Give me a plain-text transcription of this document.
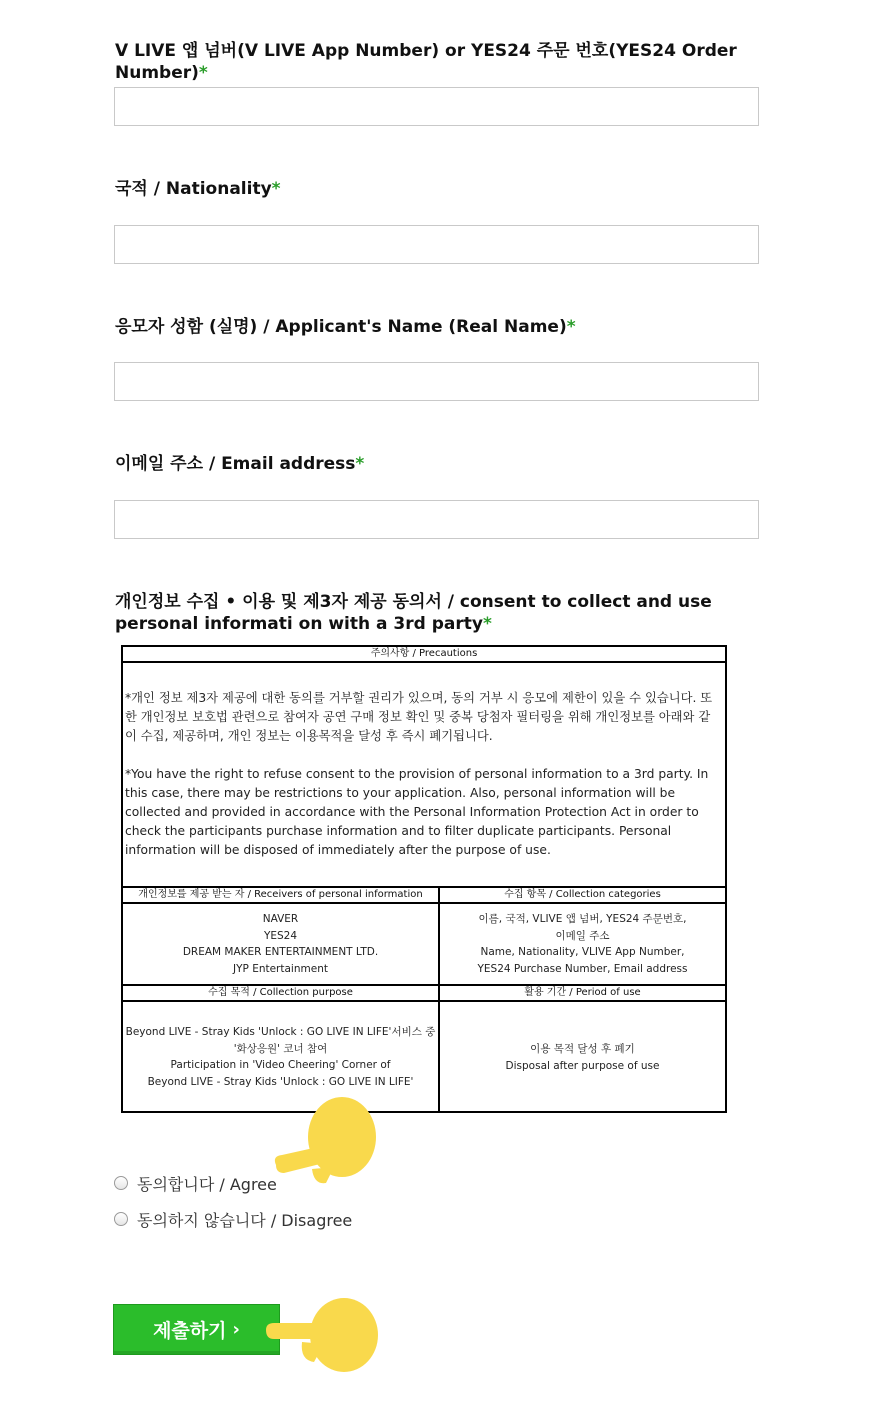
V LIVE 앱 넘버(V LIVE App Number) or YES24 주문 번호(YES24 Order Number)*
국적 / Nationality*
응모자 성함 (실명) / Applicant's Name (Real Name)*
이메일 주소 / Email address*
개인정보 수집 • 이용 및 제3자 제공 동의서 / consent to collect and use personal informati on with a 3rd party*
주의사항 / Precautions
*개인 정보 제3자 제공에 대한 동의를 거부할 권리가 있으며, 동의 거부 시 응모에 제한이 있을 수 있습니다. 또한 개인정보 보호법 관련으로 참여자 공연 구매 정보 확인 및 중복 당첨자 필터링을 위해 개인정보를 아래와 같이 수집, 제공하며, 개인 정보는 이용목적을 달성 후 즉시 폐기됩니다.
*You have the right to refuse consent to the provision of personal information to a 3rd party. In this case, there may be restrictions to your application. Also, personal information will be collected and provided in accordance with the Personal Information Protection Act in order to check the participants purchase information and to filter duplicate participants. Personal information will be disposed of immediately after the purpose of use.
개인정보를 제공 받는 자 / Receivers of personal information	수집 항목 / Collection categories
NAVER
YES24
DREAM MAKER ENTERTAINMENT LTD.
JYP Entertainment
이름, 국적, VLIVE 앱 넘버, YES24 주문번호,
이메일 주소
Name, Nationality, VLIVE App Number,
YES24 Purchase Number, Email address
수집 목적 / Collection purpose	활용 기간 / Period of use
Beyond LIVE - Stray Kids 'Unlock : GO LIVE IN LIFE'서비스 중
'화상응원' 코너 참여
Participation in 'Video Cheering' Corner of
Beyond LIVE - Stray Kids 'Unlock : GO LIVE IN LIFE'
이용 목적 달성 후 폐기
Disposal after purpose of use
동의합니다 / Agree
동의하지 않습니다 / Disagree
제출하기 ›
